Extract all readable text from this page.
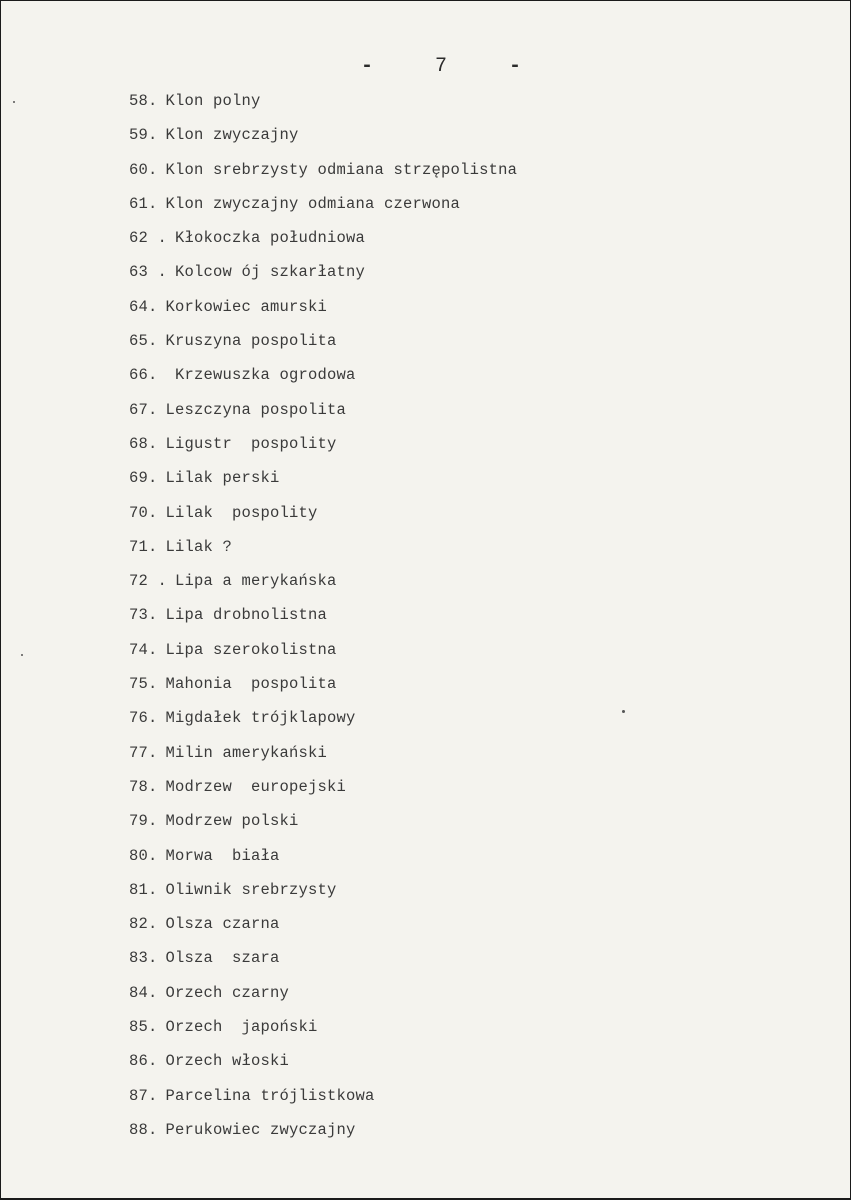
-	7	-
58. Klon polny
59. Klon zwyczajny
60. Klon srebrzysty odmiana strzępolistna
61. Klon zwyczajny odmiana czerwona
62 . Kłokoczka południowa
63 . Kolcow ój szkarłatny
64. Korkowiec amurski
65. Kruszyna pospolita
66. Krzewuszka ogrodowa
67. Leszczyna pospolita
68. Ligustr  pospolity
69. Lilak perski
70. Lilak  pospolity
71. Lilak ?
72 . Lipa a merykańska
73. Lipa drobnolistna
74. Lipa szerokolistna
75. Mahonia  pospolita
76. Migdałek trójklapowy
77. Milin amerykański
78. Modrzew  europejski
79. Modrzew polski
80. Morwa  biała
81. Oliwnik srebrzysty
82. Olsza czarna
83. Olsza  szara
84. Orzech czarny
85. Orzech  japoński
86. Orzech włoski
87. Parcelina trójlistkowa
88. Perukowiec zwyczajny
